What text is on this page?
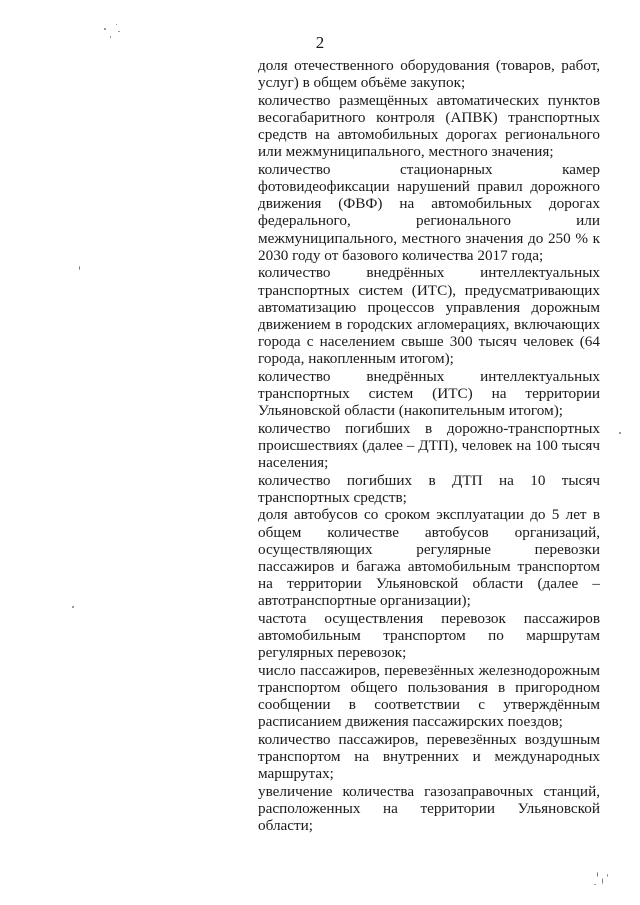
2

доля отечественного оборудования (товаров, работ, услуг) в общем объёме закупок;

количество размещённых автоматических пунктов весогабаритного контроля (АПВК) транспортных средств на автомобильных дорогах регионального или межмуниципального, местного значения;

количество стационарных камер фотовидеофиксации нарушений правил дорожного движения (ФВФ) на автомобильных дорогах федерального, регионального или межмуниципального, местного значения до 250 % к 2030 году от базового количества 2017 года;

количество внедрённых интеллектуальных транспортных систем (ИТС), предусматривающих автоматизацию процессов управления дорожным движением в городских агломерациях, включающих города с населением свыше 300 тысяч человек (64 города, накопленным итогом);

количество внедрённых интеллектуальных транспортных систем (ИТС) на территории Ульяновской области (накопительным итогом);

количество погибших в дорожно-транспортных происшествиях (далее – ДТП), человек на 100 тысяч населения;

количество погибших в ДТП на 10 тысяч транспортных средств;

доля автобусов со сроком эксплуатации до 5 лет в общем количестве автобусов организаций, осуществляющих регулярные перевозки пассажиров и багажа автомобильным транспортом на территории Ульяновской области (далее – автотранспортные организации);

частота осуществления перевозок пассажиров автомобильным транспортом по маршрутам регулярных перевозок;

число пассажиров, перевезённых железнодорожным транспортом общего пользования в пригородном сообщении в соответствии с утверждённым расписанием движения пассажирских поездов;

количество пассажиров, перевезённых воздушным транспортом на внутренних и международных маршрутах;

увеличение количества газозаправочных станций, расположенных на территории Ульяновской области;
